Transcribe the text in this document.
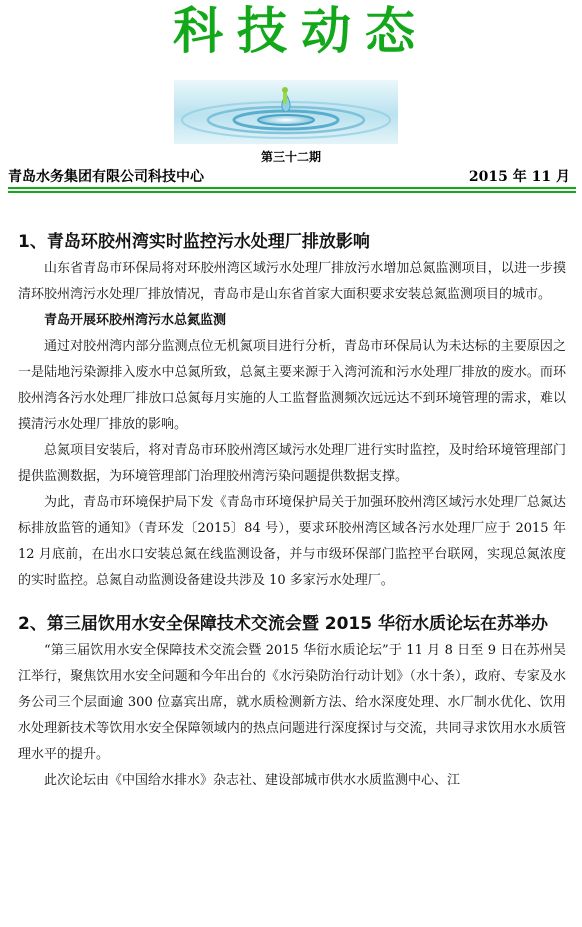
科技动态
第三十二期
青岛水务集团有限公司科技中心	2015 年 11 月
1、青岛环胶州湾实时监控污水处理厂排放影响

山东省青岛市环保局将对环胶州湾区域污水处理厂排放污水增加总氮监测项目，以进一步摸清环胶州湾污水处理厂排放情况，青岛市是山东省首家大面积要求安装总氮监测项目的城市。

青岛开展环胶州湾污水总氮监测

通过对胶州湾内部分监测点位无机氮项目进行分析，青岛市环保局认为未达标的主要原因之一是陆地污染源排入废水中总氮所致，总氮主要来源于入湾河流和污水处理厂排放的废水。而环胶州湾各污水处理厂排放口总氮每月实施的人工监督监测频次远远达不到环境管理的需求，难以摸清污水处理厂排放的影响。

总氮项目安装后，将对青岛市环胶州湾区域污水处理厂进行实时监控，及时给环境管理部门提供监测数据，为环境管理部门治理胶州湾污染问题提供数据支撑。

为此，青岛市环境保护局下发《青岛市环境保护局关于加强环胶州湾区域污水处理厂总氮达标排放监管的通知》（青环发〔2015〕84 号），要求环胶州湾区域各污水处理厂应于 2015 年 12 月底前，在出水口安装总氮在线监测设备，并与市级环保部门监控平台联网，实现总氮浓度的实时监控。总氮自动监测设备建设共涉及 10 多家污水处理厂。

2、第三届饮用水安全保障技术交流会暨 2015 华衍水质论坛在苏举办

“第三届饮用水安全保障技术交流会暨 2015 华衍水质论坛”于 11 月 8 日至 9 日在苏州吴江举行，聚焦饮用水安全问题和今年出台的《水污染防治行动计划》（水十条），政府、专家及水务公司三个层面逾 300 位嘉宾出席，就水质检测新方法、给水深度处理、水厂制水优化、饮用水处理新技术等饮用水安全保障领域内的热点问题进行深度探讨与交流，共同寻求饮用水水质管理水平的提升。

此次论坛由《中国给水排水》杂志社、建设部城市供水水质监测中心、江
